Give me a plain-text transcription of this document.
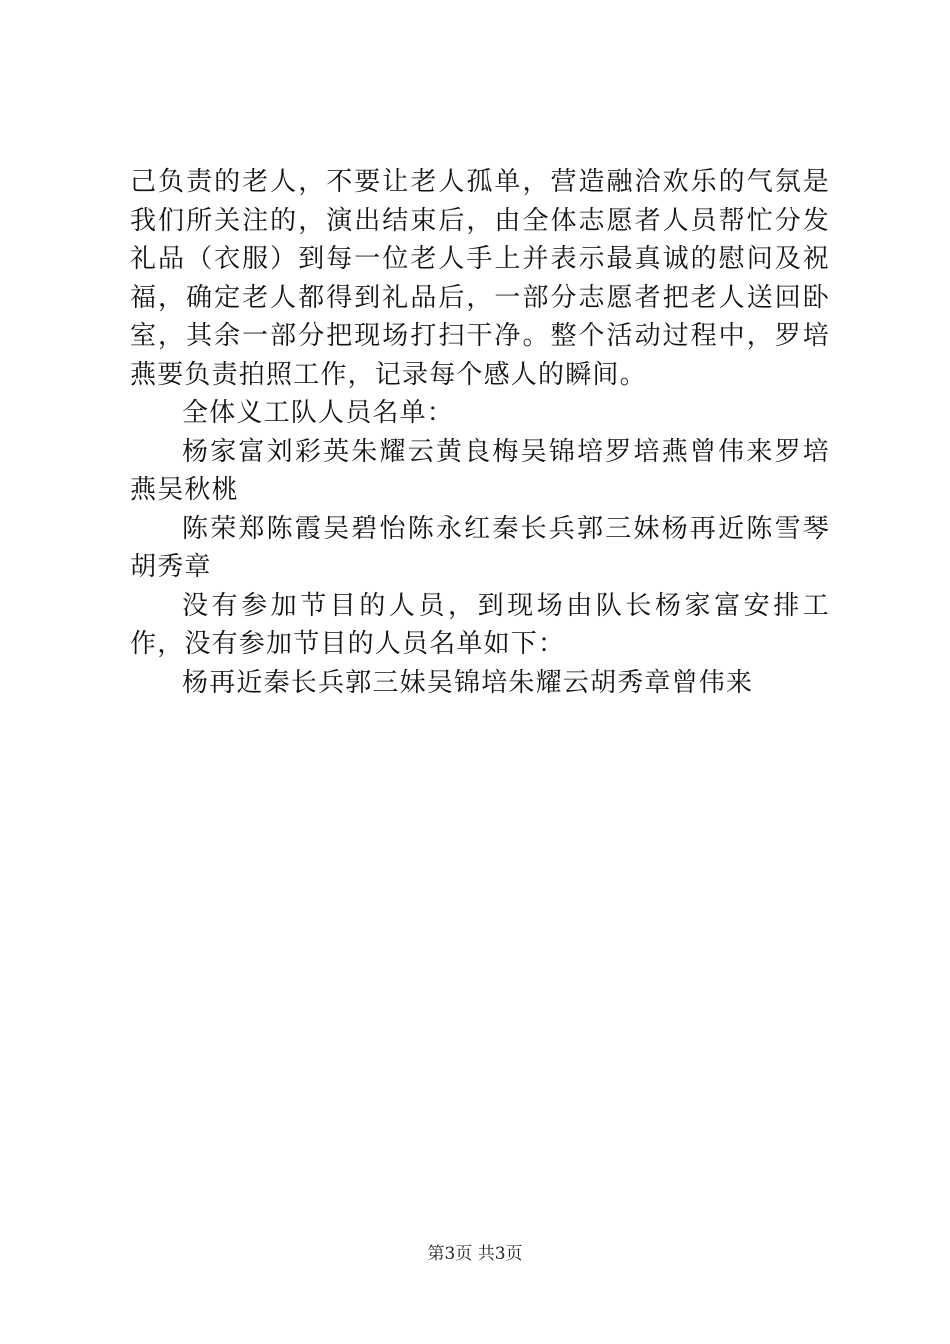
己负责的老人，不要让老人孤单，营造融洽欢乐的气氛是我们所关注的，演出结束后，由全体志愿者人员帮忙分发礼品（衣服）到每一位老人手上并表示最真诚的慰问及祝福，确定老人都得到礼品后，一部分志愿者把老人送回卧室，其余一部分把现场打扫干净。整个活动过程中，罗培燕要负责拍照工作，记录每个感人的瞬间。

全体义工队人员名单：

杨家富刘彩英朱耀云黄良梅吴锦培罗培燕曾伟来罗培燕吴秋桃

陈荣郑陈霞吴碧怡陈永红秦长兵郭三妹杨再近陈雪琴胡秀章

没有参加节目的人员，到现场由队长杨家富安排工作，没有参加节目的人员名单如下：

杨再近秦长兵郭三妹吴锦培朱耀云胡秀章曾伟来

第3页 共3页
